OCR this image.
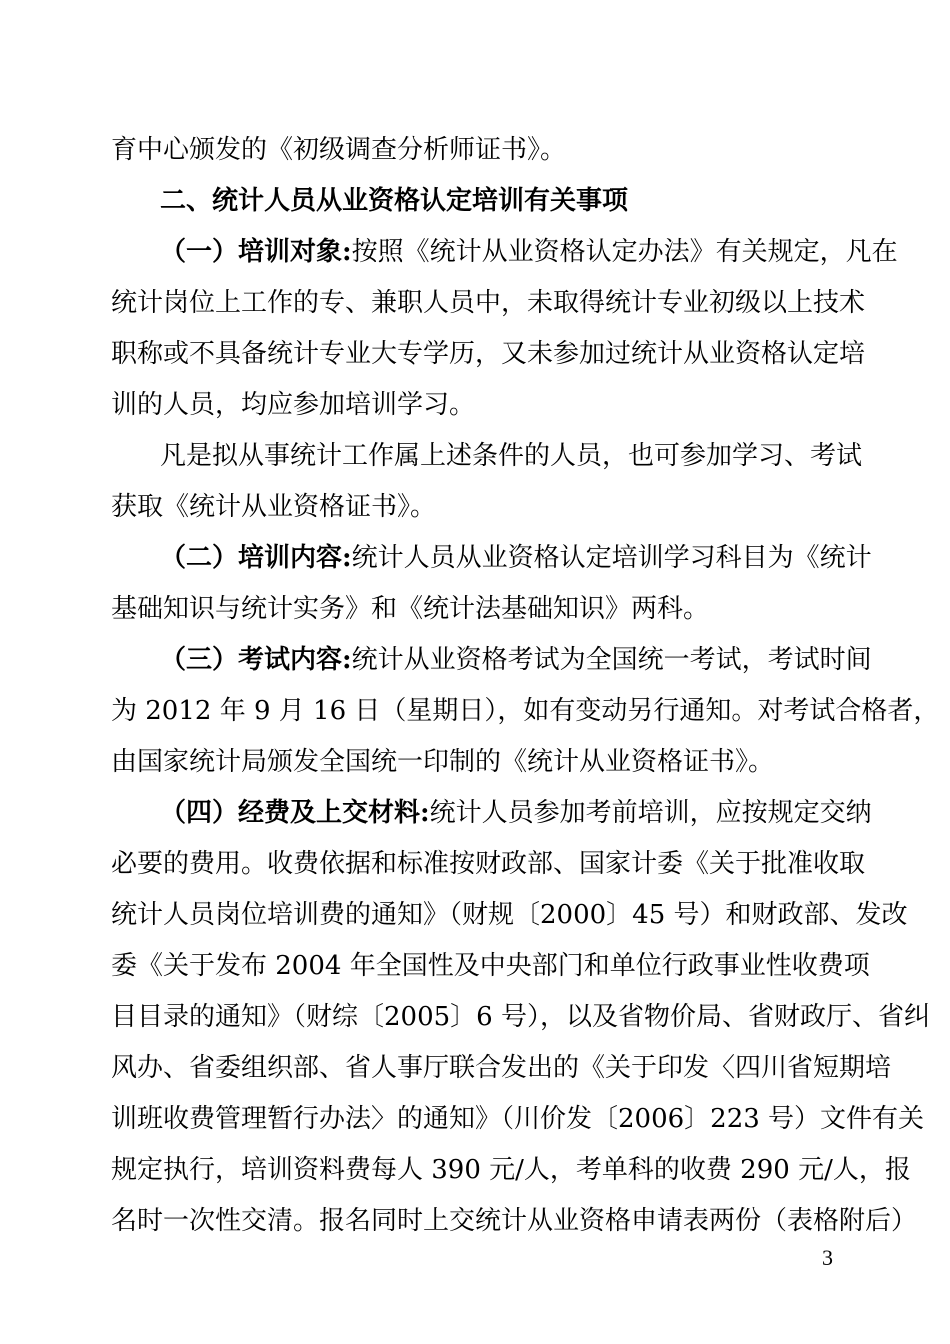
育中心颁发的《初级调查分析师证书》。
二、统计人员从业资格认定培训有关事项
（一）培训对象:按照《统计从业资格认定办法》有关规定，凡在
统计岗位上工作的专、兼职人员中，未取得统计专业初级以上技术
职称或不具备统计专业大专学历，又未参加过统计从业资格认定培
训的人员，均应参加培训学习。
凡是拟从事统计工作属上述条件的人员，也可参加学习、考试
获取《统计从业资格证书》。
（二）培训内容:统计人员从业资格认定培训学习科目为《统计
基础知识与统计实务》和《统计法基础知识》两科。
（三）考试内容:统计从业资格考试为全国统一考试，考试时间
为 2012 年 9 月 16 日（星期日），如有变动另行通知。对考试合格者，
由国家统计局颁发全国统一印制的《统计从业资格证书》。
（四）经费及上交材料:统计人员参加考前培训，应按规定交纳
必要的费用。收费依据和标准按财政部、国家计委《关于批准收取
统计人员岗位培训费的通知》（财规〔2000〕45 号）和财政部、发改
委《关于发布 2004 年全国性及中央部门和单位行政事业性收费项
目目录的通知》（财综〔2005〕6 号），以及省物价局、省财政厅、省纠
风办、省委组织部、省人事厅联合发出的《关于印发〈四川省短期培
训班收费管理暂行办法〉的通知》（川价发〔2006〕223 号）文件有关
规定执行，培训资料费每人 390 元/人，考单科的收费 290 元/人，报
名时一次性交清。报名同时上交统计从业资格申请表两份（表格附后）
3
